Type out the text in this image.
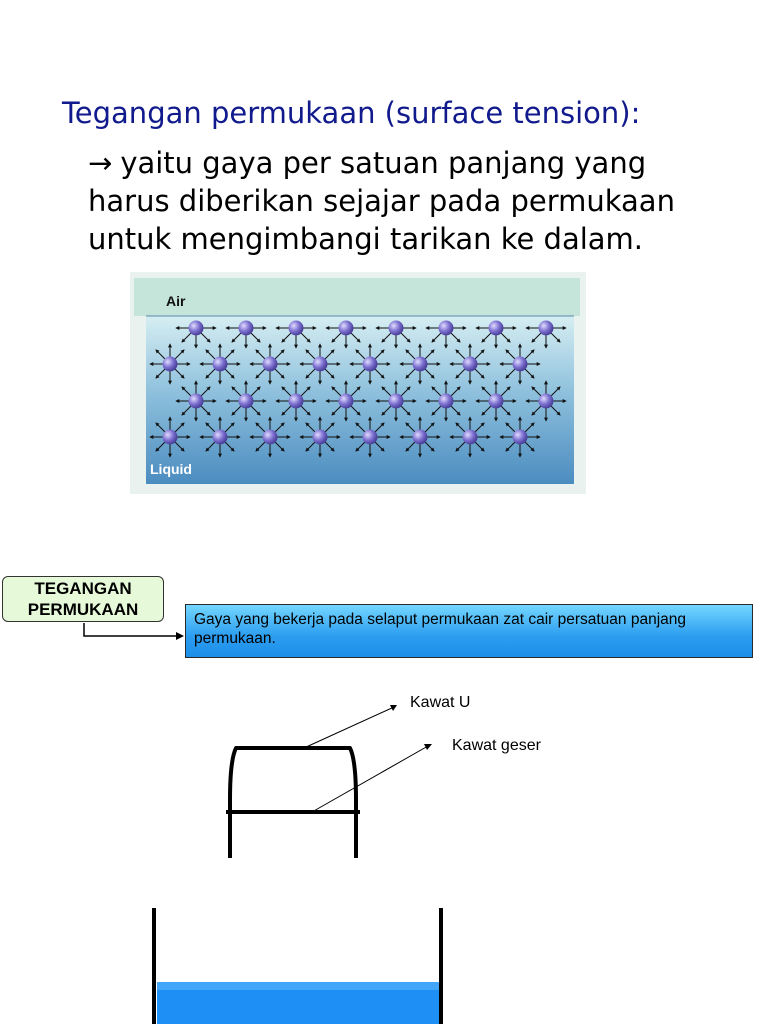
Tegangan permukaan (surface tension):
→ yaitu gaya per satuan panjang yang
harus diberikan sejajar pada permukaan
untuk mengimbangi tarikan ke dalam.
Air
Liquid
TEGANGAN
PERMUKAAN
Gaya yang bekerja pada selaput permukaan zat cair persatuan panjang permukaan.
Kawat U
Kawat geser
